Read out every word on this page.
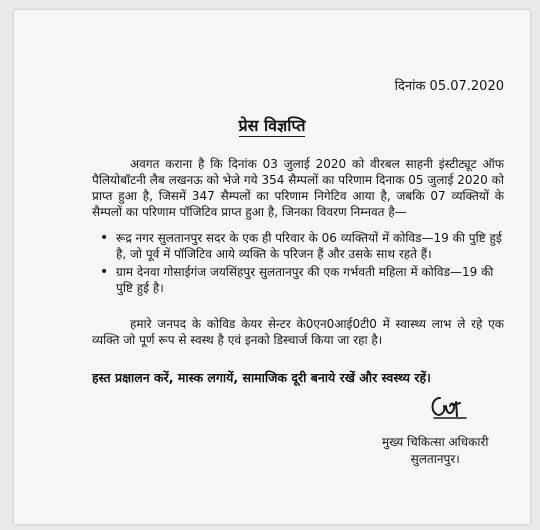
दिनांक 05.07.2020
प्रेस विज्ञप्ति

अवगत कराना है कि दिनांक 03 जुलाई 2020 को वीरबल साहनी इंस्टीट्यूट ऑफ पैलियोबॉटनी लैब लखनऊ को भेजे गये 354 सैम्पलों का परिणाम दिनाक 05 जुलाई 2020 को प्राप्त हुआ है, जिसमें 347 सैम्पलों का परिणाम निगेटिव आया है, जबकि 07 व्यक्तियों के सैम्पलों का परिणाम पॉजिटिव प्राप्त हुआ है, जिनका विवरण निम्नवत है—

• रूद्र नगर सुलतानपुर सदर के एक ही परिवार के 06 व्यक्तियों में कोविड—19 की पुष्टि हुई है, जो पूर्व में पॉजिटिव आये व्यक्ति के परिजन हैं और उसके साथ रहते हैं।
• ग्राम देनवा गोसाईगंज जयसिंहपुर सुलतानपुर की एक गर्भवती महिला में कोविड—19 की पुष्टि हुई है।

हमारे जनपद के कोविड केयर सेन्टर के0एन0आई0टी0 में स्वास्थ्य लाभ ले रहे एक व्यक्ति जो पूर्ण रूप से स्वस्थ है एवं इनको डिस्चार्ज किया जा रहा है।

हस्त प्रक्षालन करें, मास्क लगायें, सामाजिक दूरी बनाये रखें और स्वस्थ्य रहें।
मुख्य चिकित्सा अधिकारी
सुलतानपुर।
